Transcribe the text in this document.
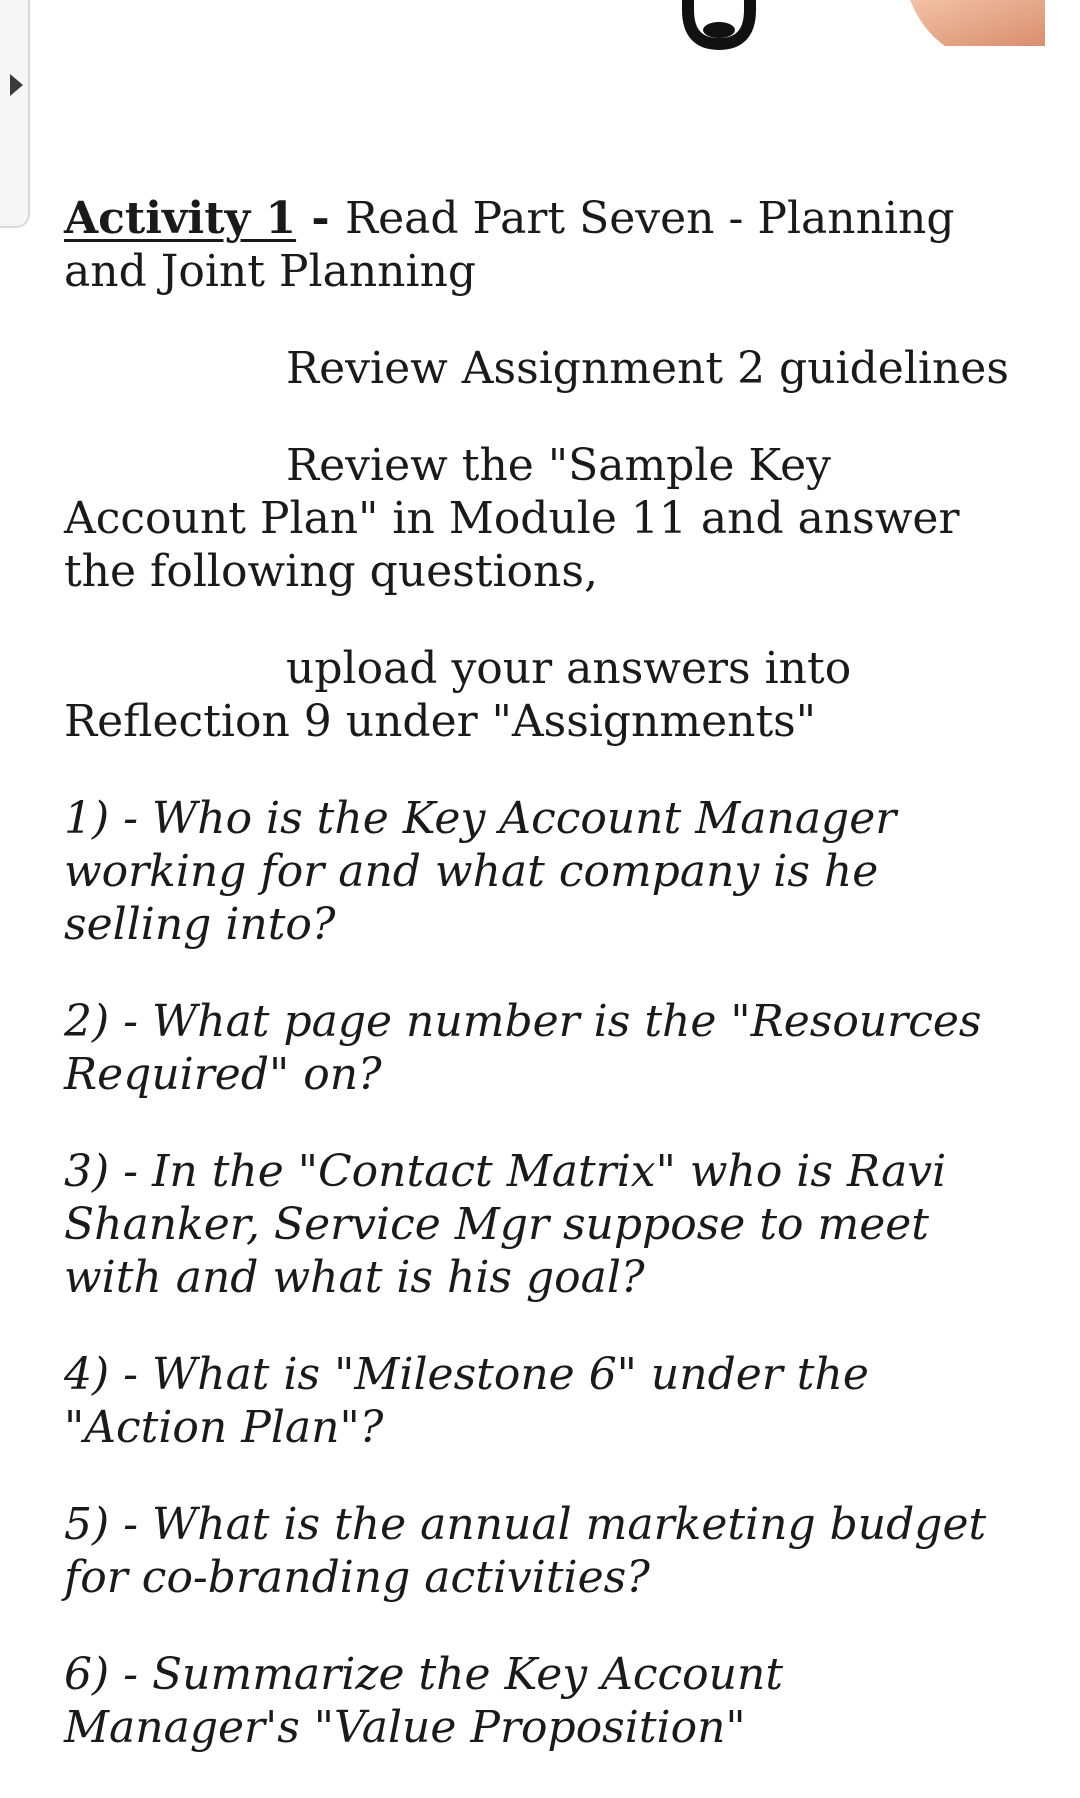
Activity 1 - Read Part Seven - Planning and Joint Planning

Review Assignment 2 guidelines

Review the "Sample Key Account Plan" in Module 11 and answer the following questions,

upload your answers into Reflection 9 under "Assignments"

1) - Who is the Key Account Manager working for and what company is he selling into?

2) - What page number is the "Resources Required" on?

3) - In the "Contact Matrix" who is Ravi Shanker, Service Mgr suppose to meet with and what is his goal?

4) - What is "Milestone 6" under the "Action Plan"?

5) - What is the annual marketing budget for co-branding activities?

6) - Summarize the Key Account Manager's "Value Proposition"
